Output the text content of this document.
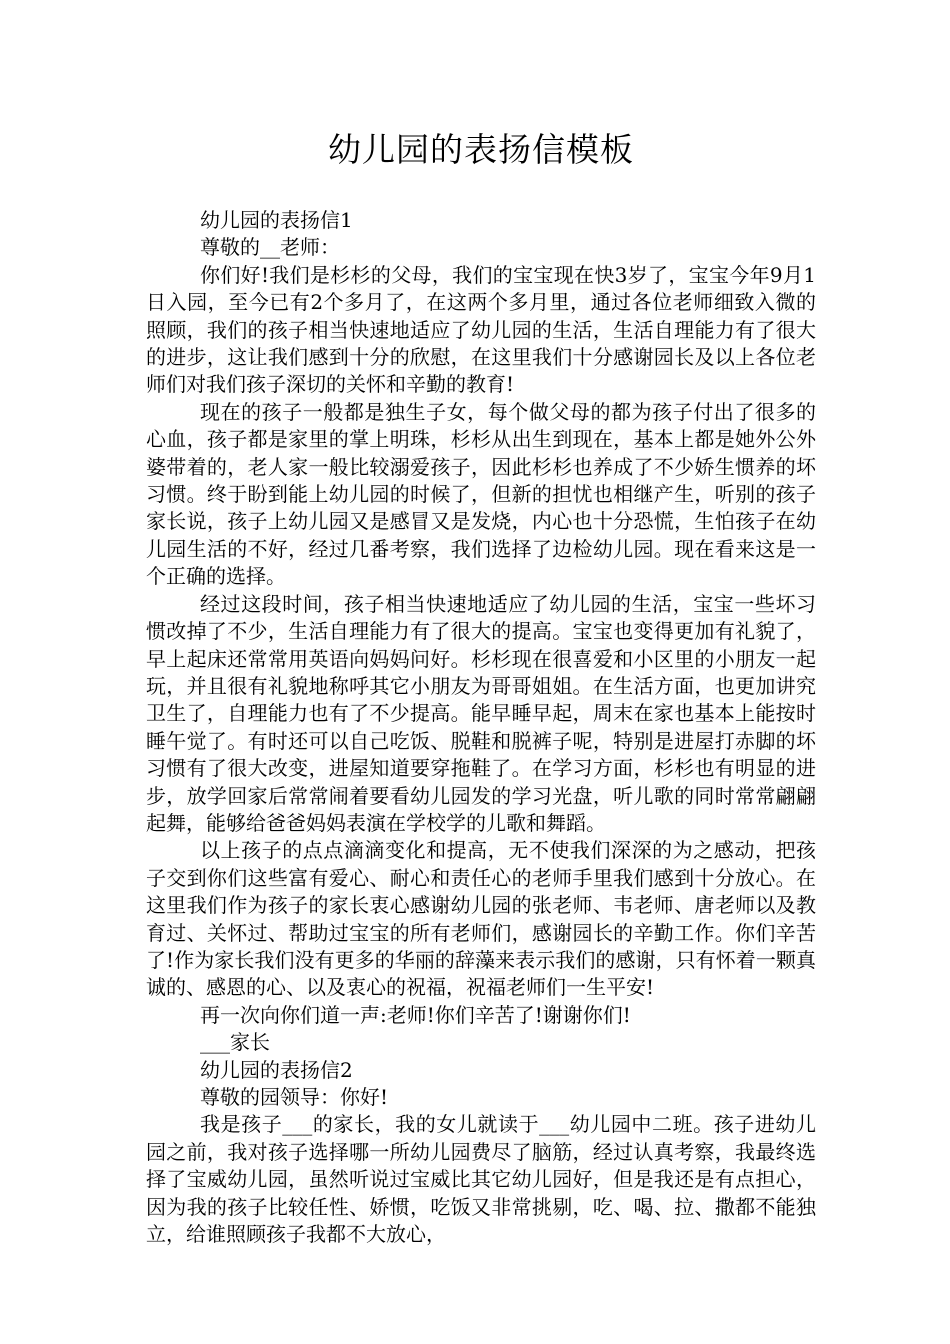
幼儿园的表扬信模板

幼儿园的表扬信1

尊敬的__老师：

你们好!我们是杉杉的父母，我们的宝宝现在快3岁了，宝宝今年9月1日入园，至今已有2个多月了，在这两个多月里，通过各位老师细致入微的照顾，我们的孩子相当快速地适应了幼儿园的生活，生活自理能力有了很大的进步，这让我们感到十分的欣慰，在这里我们十分感谢园长及以上各位老师们对我们孩子深切的关怀和辛勤的教育!

现在的孩子一般都是独生子女，每个做父母的都为孩子付出了很多的心血，孩子都是家里的掌上明珠，杉杉从出生到现在，基本上都是她外公外婆带着的，老人家一般比较溺爱孩子，因此杉杉也养成了不少娇生惯养的坏习惯。终于盼到能上幼儿园的时候了，但新的担忧也相继产生，听别的孩子家长说，孩子上幼儿园又是感冒又是发烧，内心也十分恐慌，生怕孩子在幼儿园生活的不好，经过几番考察，我们选择了边检幼儿园。现在看来这是一个正确的选择。

经过这段时间，孩子相当快速地适应了幼儿园的生活，宝宝一些坏习惯改掉了不少，生活自理能力有了很大的提高。宝宝也变得更加有礼貌了，早上起床还常常用英语向妈妈问好。杉杉现在很喜爱和小区里的小朋友一起玩，并且很有礼貌地称呼其它小朋友为哥哥姐姐。在生活方面，也更加讲究卫生了，自理能力也有了不少提高。能早睡早起，周末在家也基本上能按时睡午觉了。有时还可以自己吃饭、脱鞋和脱裤子呢，特别是进屋打赤脚的坏习惯有了很大改变，进屋知道要穿拖鞋了。在学习方面，杉杉也有明显的进步，放学回家后常常闹着要看幼儿园发的学习光盘，听儿歌的同时常常翩翩起舞，能够给爸爸妈妈表演在学校学的儿歌和舞蹈。

以上孩子的点点滴滴变化和提高，无不使我们深深的为之感动，把孩子交到你们这些富有爱心、耐心和责任心的老师手里我们感到十分放心。在这里我们作为孩子的家长衷心感谢幼儿园的张老师、韦老师、唐老师以及教育过、关怀过、帮助过宝宝的所有老师们，感谢园长的辛勤工作。你们辛苦了!作为家长我们没有更多的华丽的辞藻来表示我们的感谢，只有怀着一颗真诚的、感恩的心、以及衷心的祝福，祝福老师们一生平安!

再一次向你们道一声:老师!你们辛苦了!谢谢你们!

___家长

幼儿园的表扬信2

尊敬的园领导：你好!

我是孩子___的家长，我的女儿就读于___幼儿园中二班。孩子进幼儿园之前，我对孩子选择哪一所幼儿园费尽了脑筋，经过认真考察，我最终选择了宝威幼儿园，虽然听说过宝威比其它幼儿园好，但是我还是有点担心，因为我的孩子比较任性、娇惯，吃饭又非常挑剔，吃、喝、拉、撒都不能独立，给谁照顾孩子我都不大放心，
